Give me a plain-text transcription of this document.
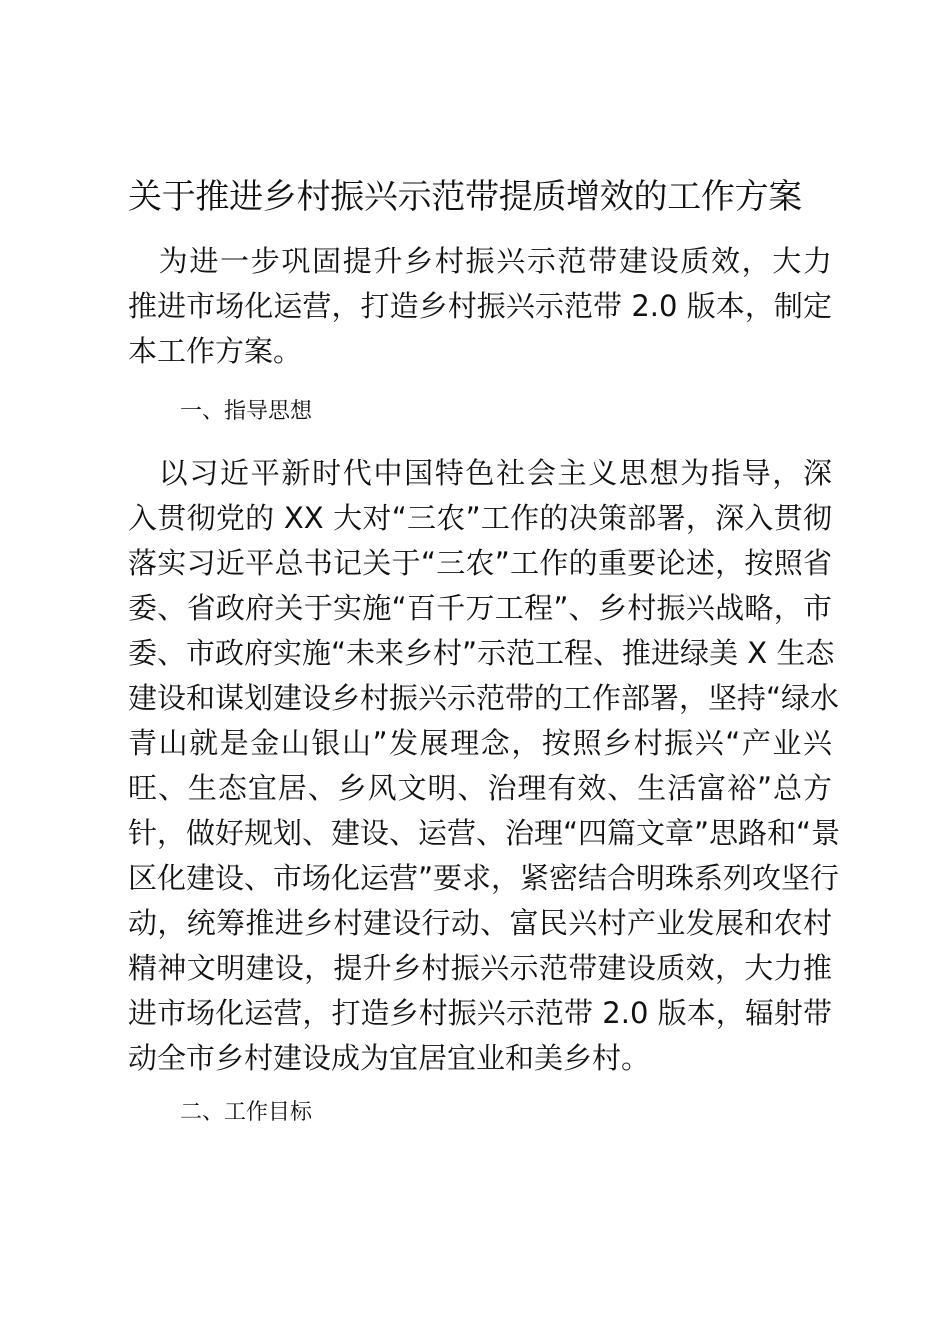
关于推进乡村振兴示范带提质增效的工作方案
　为进一步巩固提升乡村振兴示范带建设质效，大力
推进市场化运营，打造乡村振兴示范带 2.0 版本，制定
本工作方案。
一、指导思想
　以习近平新时代中国特色社会主义思想为指导，深
入贯彻党的 XX 大对“三农”工作的决策部署，深入贯彻
落实习近平总书记关于“三农”工作的重要论述，按照省
委、省政府关于实施“百千万工程”、乡村振兴战略，市
委、市政府实施“未来乡村”示范工程、推进绿美 X 生态
建设和谋划建设乡村振兴示范带的工作部署，坚持“绿水
青山就是金山银山”发展理念，按照乡村振兴“产业兴
旺、生态宜居、乡风文明、治理有效、生活富裕”总方
针，做好规划、建设、运营、治理“四篇文章”思路和“景
区化建设、市场化运营”要求，紧密结合明珠系列攻坚行
动，统筹推进乡村建设行动、富民兴村产业发展和农村
精神文明建设，提升乡村振兴示范带建设质效，大力推
进市场化运营，打造乡村振兴示范带 2.0 版本，辐射带
动全市乡村建设成为宜居宜业和美乡村。
二、工作目标
